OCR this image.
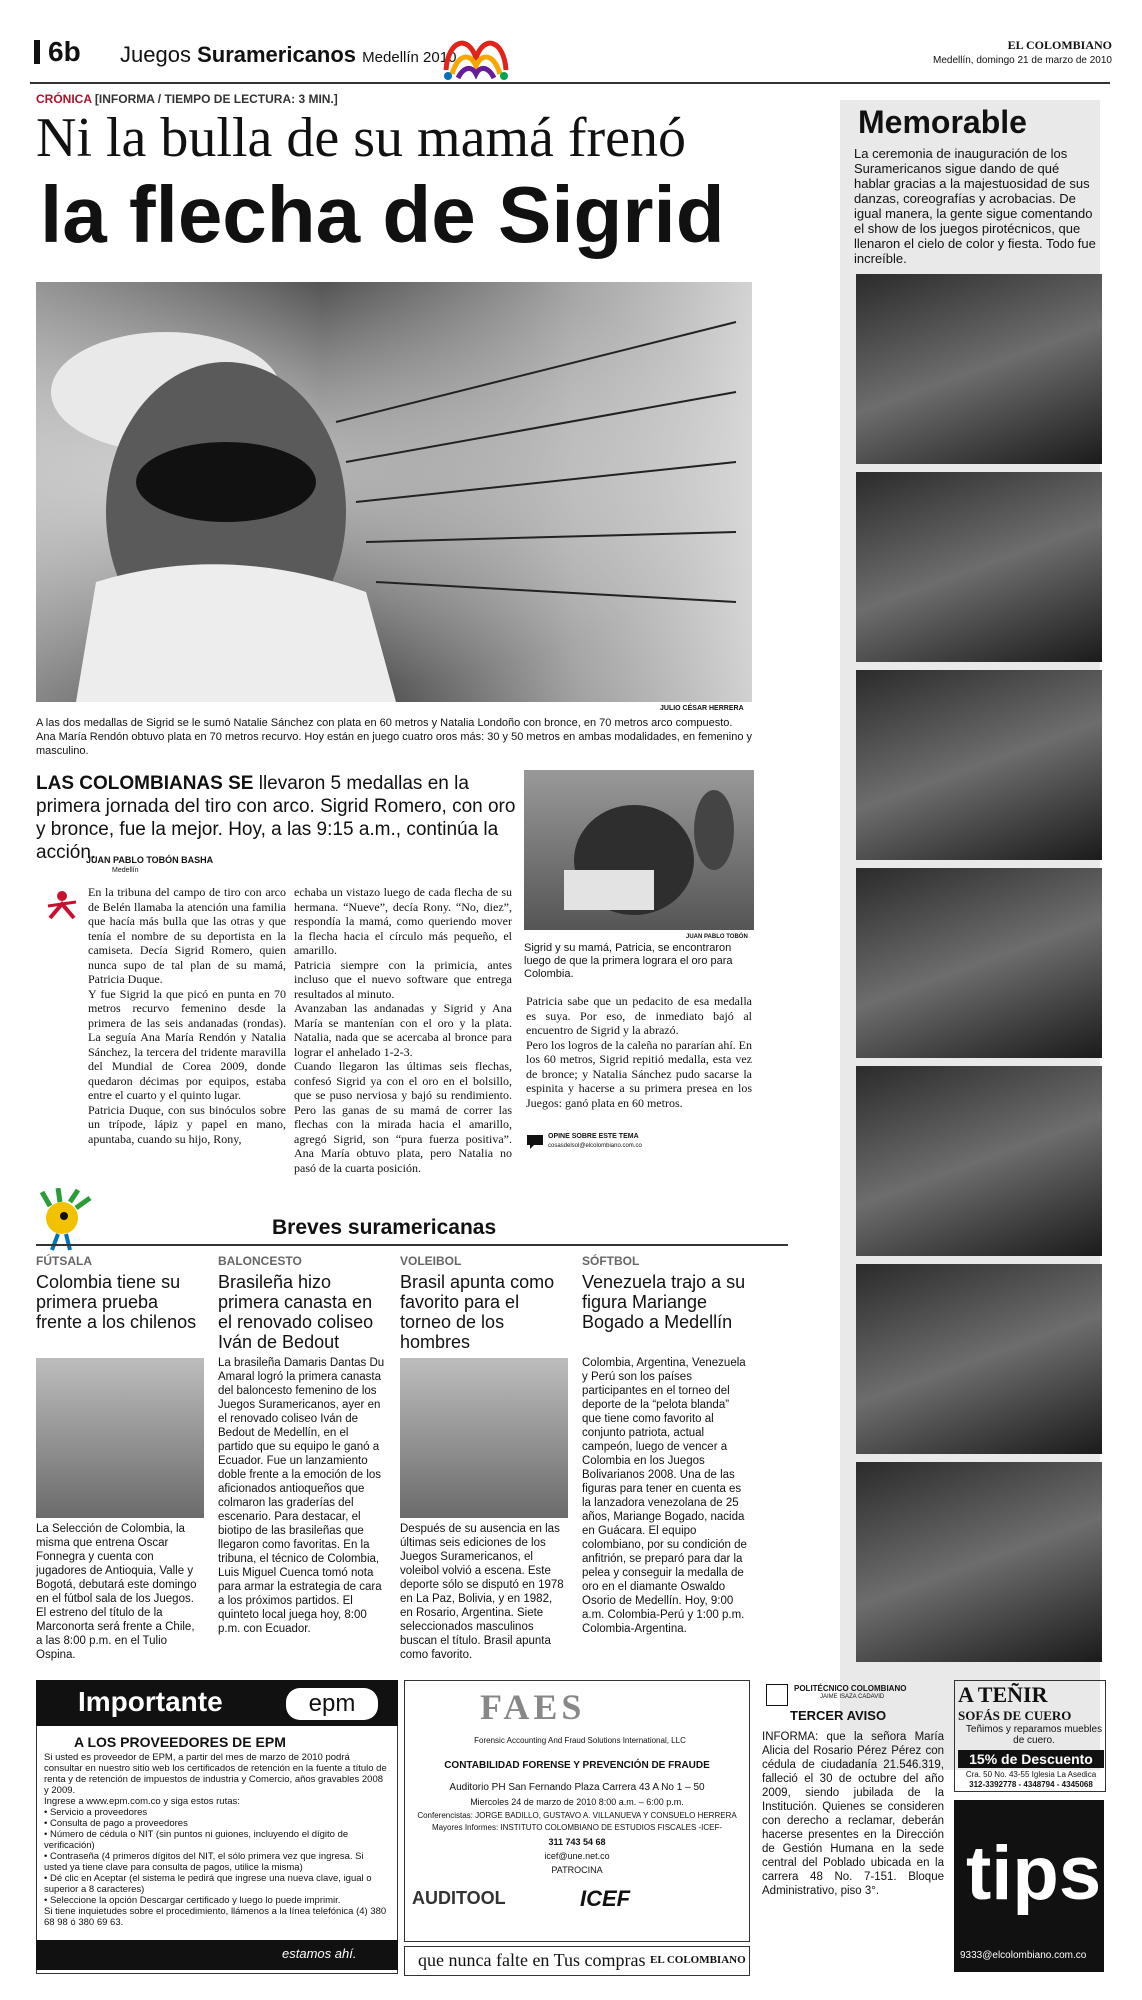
6b Juegos Suramericanos Medellín 2010
EL COLOMBIANO
Medellín, domingo 21 de marzo de 2010
CRÓNICA [INFORMA / TIEMPO DE LECTURA: 3 MIN.]
Ni la bulla de su mamá frenó
la flecha de Sigrid
JULIO CÉSAR HERRERA
A las dos medallas de Sigrid se le sumó Natalie Sánchez con plata en 60 metros y Natalia Londoño con bronce, en 70 metros arco compuesto. Ana María Rendón obtuvo plata en 70 metros recurvo. Hoy están en juego cuatro oros más: 30 y 50 metros en ambas modalidades, en femenino y masculino.
LAS COLOMBIANAS SE llevaron 5 medallas en la primera jornada del tiro con arco. Sigrid Romero, con oro y bronce, fue la mejor. Hoy, a las 9:15 a.m., continúa la acción.
JUAN PABLO TOBÓN BASHA
Medellín
En la tribuna del campo de tiro con arco de Belén llamaba la atención una familia que hacía más bulla que las otras y que tenía el nombre de su deportista en la camiseta. Decía Sigrid Romero, quien nunca supo de tal plan de su mamá, Patricia Duque.
Y fue Sigrid la que picó en punta en 70 metros recurvo femenino desde la primera de las seis andanadas (rondas). La seguía Ana María Rendón y Natalia Sánchez, la tercera del tridente maravilla del Mundial de Corea 2009, donde quedaron décimas por equipos, estaba entre el cuarto y el quinto lugar.
Patricia Duque, con sus binóculos sobre un trípode, lápiz y papel en mano, apuntaba, cuando su hijo, Rony,
echaba un vistazo luego de cada flecha de su hermana. “Nueve”, decía Rony. “No, diez”, respondía la mamá, como queriendo mover la flecha hacia el círculo más pequeño, el amarillo.
Patricia siempre con la primicia, antes incluso que el nuevo software que entrega resultados al minuto.
Avanzaban las andanadas y Sigrid y Ana María se mantenían con el oro y la plata. Natalia, nada que se acercaba al bronce para lograr el anhelado 1-2-3.
Cuando llegaron las últimas seis flechas, confesó Sigrid ya con el oro en el bolsillo, que se puso nerviosa y bajó su rendimiento. Pero las ganas de su mamá de correr las flechas con la mirada hacia el amarillo, agregó Sigrid, son “pura fuerza positiva”. Ana María obtuvo plata, pero Natalia no pasó de la cuarta posición.
JUAN PABLO TOBÓN
Sigrid y su mamá, Patricia, se encontraron luego de que la primera lograra el oro para Colombia.
Patricia sabe que un pedacito de esa medalla es suya. Por eso, de inmediato bajó al encuentro de Sigrid y la abrazó.
Pero los logros de la caleña no pararían ahí. En los 60 metros, Sigrid repitió medalla, esta vez de bronce; y Natalia Sánchez pudo sacarse la espinita y hacerse a su primera presea en los Juegos: ganó plata en 60 metros.
OPINE SOBRE ESTE TEMA
cosasdelsol@elcolombiano.com.co
Memorable
La ceremonia de inauguración de los Suramericanos sigue dando de qué hablar gracias a la majestuosidad de sus danzas, coreografías y acrobacias. De igual manera, la gente sigue comentando el show de los juegos pirotécnicos, que llenaron el cielo de color y fiesta. Todo fue increíble.
Breves suramericanas
FÚTSALA
Colombia tiene su primera prueba frente a los chilenos
La Selección de Colombia, la misma que entrena Oscar Fonnegra y cuenta con jugadores de Antioquia, Valle y Bogotá, debutará este domingo en el fútbol sala de los Juegos. El estreno del título de la Marconorta será frente a Chile, a las 8:00 p.m. en el Tulio Ospina.
BALONCESTO
Brasileña hizo primera canasta en el renovado coliseo Iván de Bedout
La brasileña Damaris Dantas Du Amaral logró la primera canasta del baloncesto femenino de los Juegos Suramericanos, ayer en el renovado coliseo Iván de Bedout de Medellín, en el partido que su equipo le ganó a Ecuador. Fue un lanzamiento doble frente a la emoción de los aficionados antioqueños que colmaron las graderías del escenario. Para destacar, el biotipo de las brasileñas que llegaron como favoritas. En la tribuna, el técnico de Colombia, Luis Miguel Cuenca tomó nota para armar la estrategia de cara a los próximos partidos. El quinteto local juega hoy, 8:00 p.m. con Ecuador.
VOLEIBOL
Brasil apunta como favorito para el torneo de los hombres
Después de su ausencia en las últimas seis ediciones de los Juegos Suramericanos, el voleibol volvió a escena. Este deporte sólo se disputó en 1978 en La Paz, Bolivia, y en 1982, en Rosario, Argentina. Siete seleccionados masculinos buscan el título. Brasil apunta como favorito.
SÓFTBOL
Venezuela trajo a su figura Mariange Bogado a Medellín
Colombia, Argentina, Venezuela y Perú son los países participantes en el torneo del deporte de la “pelota blanda” que tiene como favorito al conjunto patriota, actual campeón, luego de vencer a Colombia en los Juegos Bolivarianos 2008. Una de las figuras para tener en cuenta es la lanzadora venezolana de 25 años, Mariange Bogado, nacida en Guácara. El equipo colombiano, por su condición de anfitrión, se preparó para dar la pelea y conseguir la medalla de oro en el diamante Oswaldo Osorio de Medellín. Hoy, 9:00 a.m. Colombia-Perú y 1:00 p.m. Colombia-Argentina.
Importante	epm
A LOS PROVEEDORES DE EPM
Si usted es proveedor de EPM, a partir del mes de marzo de 2010 podrá consultar en nuestro sitio web los certificados de retención en la fuente a título de renta y de retención de impuestos de industria y Comercio, años gravables 2008 y 2009.
Ingrese a www.epm.com.co y siga estos rutas:
• Servicio a proveedores
• Consulta de pago a proveedores
• Número de cédula o NIT (sin puntos ni guiones, incluyendo el dígito de verificación)
• Contraseña (4 primeros dígitos del NIT, el sólo primera vez que ingresa. Si usted ya tiene clave para consulta de pagos, utilice la misma)
• Dé clic en Aceptar (el sistema le pedirá que ingrese una nueva clave, igual o superior a 8 caracteres)
• Seleccione la opción Descargar certificado y luego lo puede imprimir.
Si tiene inquietudes sobre el procedimiento, llámenos a la línea telefónica (4) 380 68 98 ó 380 69 63.
estamos ahí.
FAES
Forensic Accounting And Fraud Solutions International, LLC
CONTABILIDAD FORENSE Y PREVENCIÓN DE FRAUDE
Auditorio PH San Fernando Plaza Carrera 43 A No 1 – 50
Miercoles 24 de marzo de 2010 8:00 a.m. – 6:00 p.m.
Conferencistas: JORGE BADILLO, GUSTAVO A. VILLANUEVA Y CONSUELO HERRERA
Mayores Informes: INSTITUTO COLOMBIANO DE ESTUDIOS FISCALES -ICEF-
311 743 54 68
icef@une.net.co
PATROCINA
AUDITOOL	ICEF
POLITÉCNICO COLOMBIANO
JAIME ISAZA CADAVID
TERCER AVISO
INFORMA: que la señora María Alicia del Rosario Pérez Pérez con cédula de ciudadanía 21.546.319, falleció el 30 de octubre del año 2009, siendo jubilada de la Institución. Quienes se consideren con derecho a reclamar, deberán hacerse presentes en la Dirección de Gestión Humana en la sede central del Poblado ubicada en la carrera 48 No. 7-151. Bloque Administrativo, piso 3°.
A TEÑIR
SOFÁS DE CUERO
Teñimos y reparamos muebles de cuero.
15% de Descuento
Cra. 50 No. 43-55 Iglesia La Asedica
312-3392778 - 4348794 - 4345068
tips
9333@elcolombiano.com.co
que nunca falte en Tus compras EL COLOMBIANO
